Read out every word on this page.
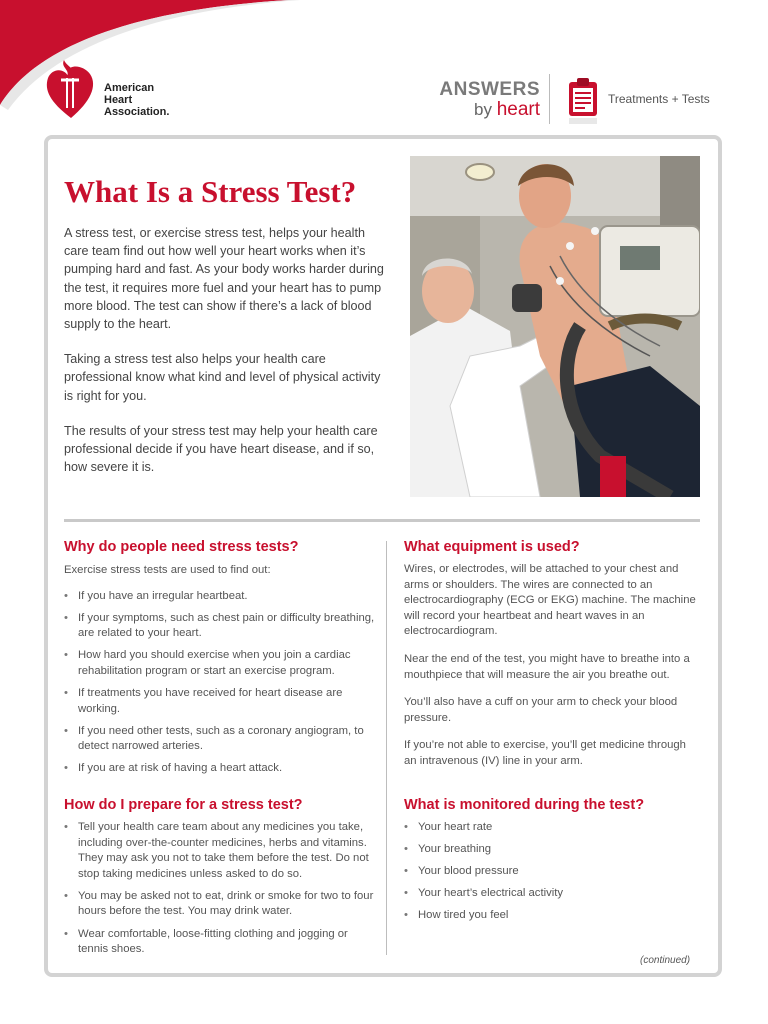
American
Heart
Association.
ANSWERS
by heart	Treatments + Tests
What Is a Stress Test?

A stress test, or exercise stress test, helps your health care team find out how well your heart works when it’s pumping hard and fast. As your body works harder during the test, it requires more fuel and your heart has to pump more blood. The test can show if there’s a lack of blood supply to the heart.

Taking a stress test also helps your health care professional know what kind and level of physical activity is right for you.

The results of your stress test may help your health care professional decide if you have heart disease, and if so, how severe it is.

Why do people need stress tests?

Exercise stress tests are used to find out:

• If you have an irregular heartbeat.
• If your symptoms, such as chest pain or difficulty breathing, are related to your heart.
• How hard you should exercise when you join a cardiac rehabilitation program or start an exercise program.
• If treatments you have received for heart disease are working.
• If you need other tests, such as a coronary angiogram, to detect narrowed arteries.
• If you are at risk of having a heart attack.
How do I prepare for a stress test?
• Tell your health care team about any medicines you take, including over-the-counter medicines, herbs and vitamins. They may ask you not to take them before the test. Do not stop taking medicines unless asked to do so.
• You may be asked not to eat, drink or smoke for two to four hours before the test. You may drink water.
• Wear comfortable, loose-fitting clothing and jogging or tennis shoes.
What equipment is used?

Wires, or electrodes, will be attached to your chest and arms or shoulders. The wires are connected to an electrocardiography (ECG or EKG) machine. The machine will record your heartbeat and heart waves in an electrocardiogram.

Near the end of the test, you might have to breathe into a mouthpiece that will measure the air you breathe out.

You’ll also have a cuff on your arm to check your blood pressure.

If you’re not able to exercise, you’ll get medicine through an intravenous (IV) line in your arm.

What is monitored during the test?
• Your heart rate
• Your breathing
• Your blood pressure
• Your heart’s electrical activity
• How tired you feel
(continued)
